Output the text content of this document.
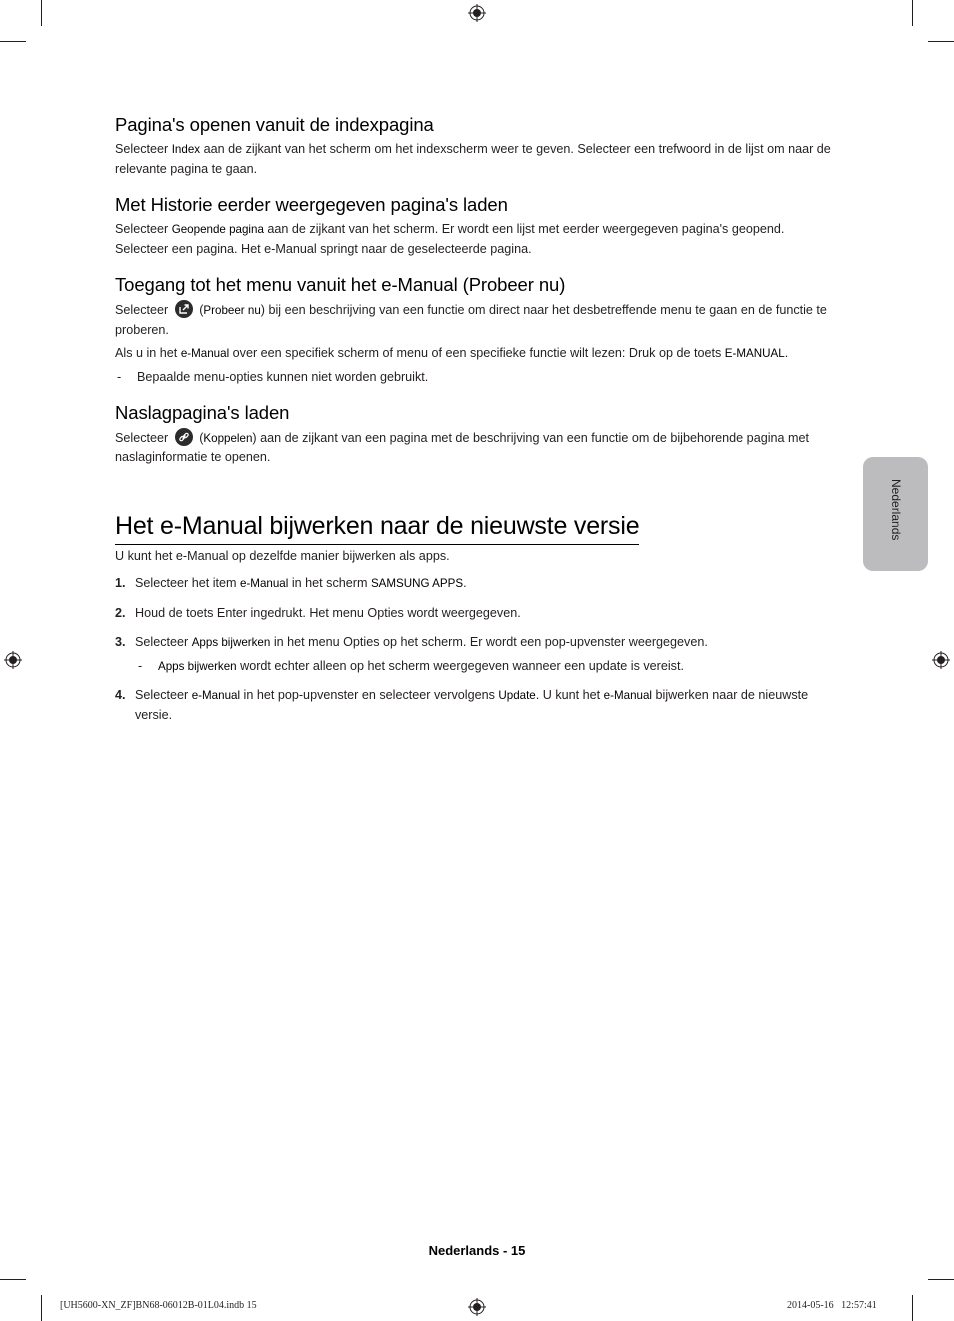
Pagina's openen vanuit de indexpagina

Selecteer Index aan de zijkant van het scherm om het indexscherm weer te geven. Selecteer een trefwoord in de lijst om naar de relevante pagina te gaan.

Met Historie eerder weergegeven pagina's laden

Selecteer Geopende pagina aan de zijkant van het scherm. Er wordt een lijst met eerder weergegeven pagina's geopend. Selecteer een pagina. Het e-Manual springt naar de geselecteerde pagina.

Toegang tot het menu vanuit het e-Manual (Probeer nu)

Selecteer
(Probeer nu) bij een beschrijving van een functie om direct naar het desbetreffende menu te gaan en de functie te proberen.

Als u in het e-Manual over een specifiek scherm of menu of een specifieke functie wilt lezen: Druk op de toets E-MANUAL.

-	Bepaalde menu-opties kunnen niet worden gebruikt.
Naslagpagina's laden

Selecteer
(Koppelen) aan de zijkant van een pagina met de beschrijving van een functie om de bijbehorende pagina met naslaginformatie te openen.

Het e-Manual bijwerken naar de nieuwste versie

U kunt het e-Manual op dezelfde manier bijwerken als apps.

1. Selecteer het item e-Manual in het scherm SAMSUNG APPS.
2. Houd de toets Enter ingedrukt. Het menu Opties wordt weergegeven.
3. Selecteer Apps bijwerken in het menu Opties op het scherm. Er wordt een pop-upvenster weergegeven.
-	Apps bijwerken wordt echter alleen op het scherm weergegeven wanneer een update is vereist.
4. Selecteer e-Manual in het pop-upvenster en selecteer vervolgens Update. U kunt het e-Manual bijwerken naar de nieuwste versie.
Nederlands
Nederlands - 15
[UH5600-XN_ZF]BN68-06012B-01L04.indb 15	2014-05-16   12:57:41
